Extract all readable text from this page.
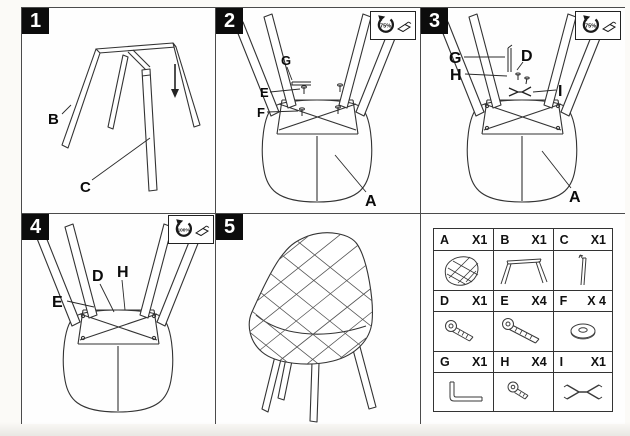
1
B
C
2	75%
G
E
F
A
3	75%
G	D
H
I
A
4	100%
D H
E
5
A X1 B X1 C X1
D X1 E X4 F X 4
G X1 H X4 I X1
